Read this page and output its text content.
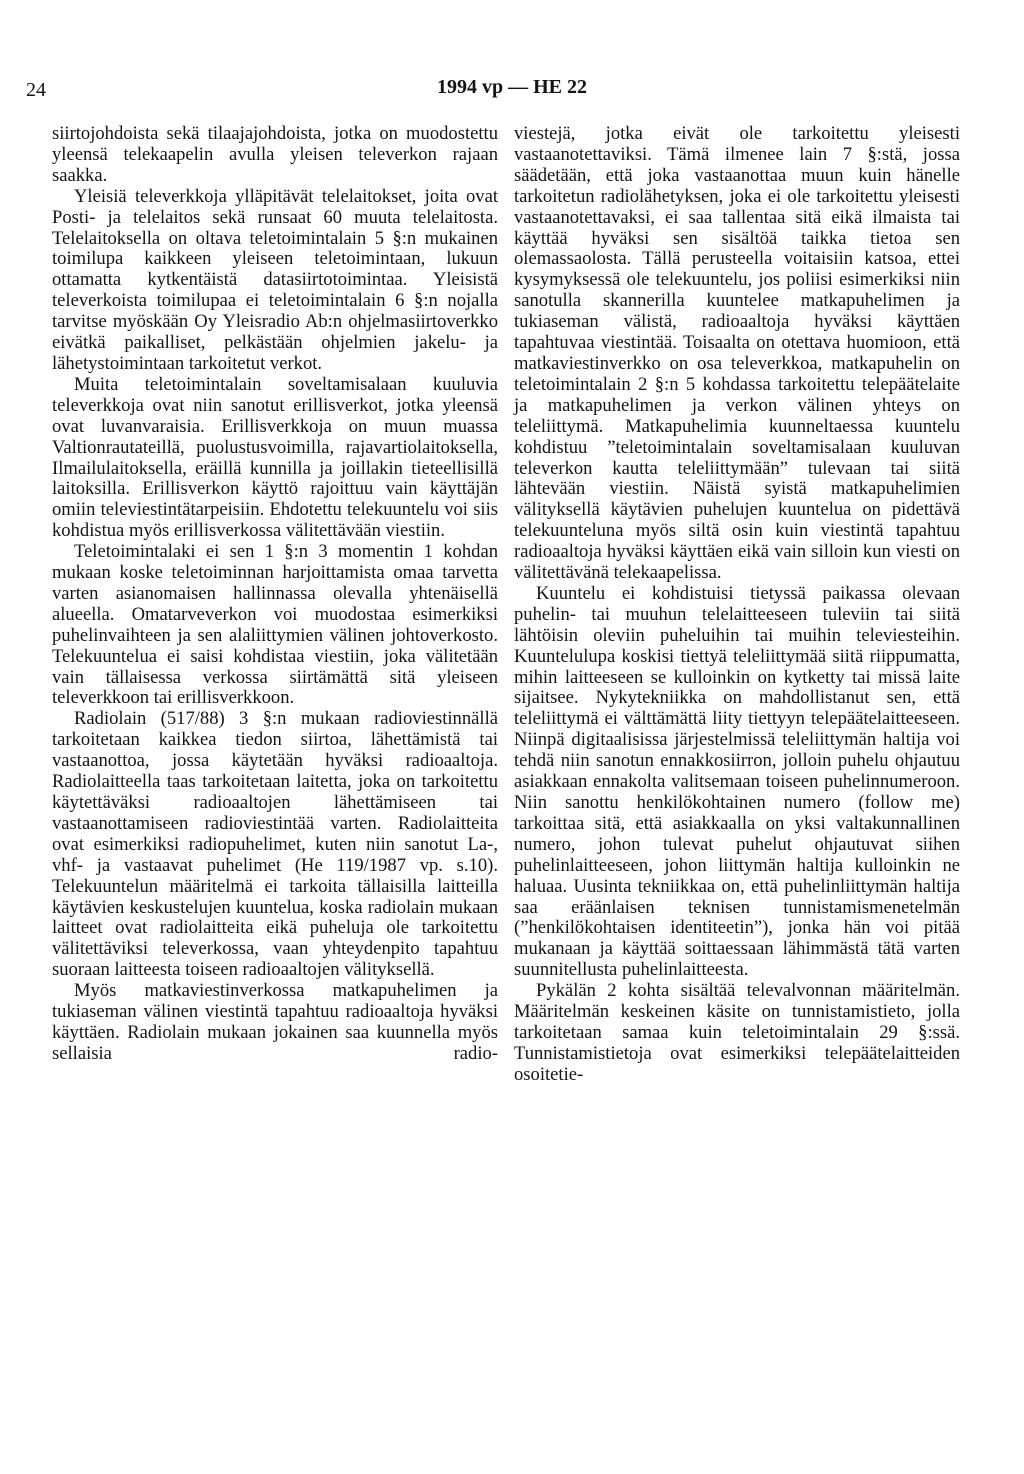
24	1994 vp — HE 22

siirtojohdoista sekä tilaajajohdoista, jotka on muodostettu yleensä telekaapelin avulla yleisen televerkon rajaan saakka.

Yleisiä televerkkoja ylläpitävät telelaitokset, joita ovat Posti- ja telelaitos sekä runsaat 60 muuta telelaitosta. Telelaitoksella on oltava teletoimintalain 5 §:n mukainen toimilupa kaikkeen yleiseen teletoimintaan, lukuun ottamatta kytkentäistä datasiirtotoimintaa. Yleisistä televerkoista toimilupaa ei teletoimintalain 6 §:n nojalla tarvitse myöskään Oy Yleisradio Ab:n ohjelmasiirtoverkko eivätkä paikalliset, pelkästään ohjelmien jakelu- ja lähetystoimintaan tarkoitetut verkot.

Muita teletoimintalain soveltamisalaan kuuluvia televerkkoja ovat niin sanotut erillisverkot, jotka yleensä ovat luvanvaraisia. Erillisverkkoja on muun muassa Valtionrautateillä, puolustusvoimilla, rajavartiolaitoksella, Ilmailulaitoksella, eräillä kunnilla ja joillakin tieteellisillä laitoksilla. Erillisverkon käyttö rajoittuu vain käyttäjän omiin televiestintätarpeisiin. Ehdotettu telekuuntelu voi siis kohdistua myös erillisverkossa välitettävään viestiin.

Teletoimintalaki ei sen 1 §:n 3 momentin 1 kohdan mukaan koske teletoiminnan harjoittamista omaa tarvetta varten asianomaisen hallinnassa olevalla yhtenäisellä alueella. Omatarveverkon voi muodostaa esimerkiksi puhelinvaihteen ja sen alaliittymien välinen johtoverkosto. Telekuuntelua ei saisi kohdistaa viestiin, joka välitetään vain tällaisessa verkossa siirtämättä sitä yleiseen televerkkoon tai erillisverkkoon.

Radiolain (517/88) 3 §:n mukaan radioviestinnällä tarkoitetaan kaikkea tiedon siirtoa, lähettämistä tai vastaanottoa, jossa käytetään hyväksi radioaaltoja. Radiolaitteella taas tarkoitetaan laitetta, joka on tarkoitettu käytettäväksi radioaaltojen lähettämiseen tai vastaanottamiseen radioviestintää varten. Radiolaitteita ovat esimerkiksi radiopuhelimet, kuten niin sanotut La-, vhf- ja vastaavat puhelimet (He 119/1987 vp. s.10). Telekuuntelun määritelmä ei tarkoita tällaisilla laitteilla käytävien keskustelujen kuuntelua, koska radiolain mukaan laitteet ovat radiolaitteita eikä puheluja ole tarkoitettu välitettäviksi televerkossa, vaan yhteydenpito tapahtuu suoraan laitteesta toiseen radioaaltojen välityksellä.

Myös matkaviestinverkossa matkapuhelimen ja tukiaseman välinen viestintä tapahtuu radioaaltoja hyväksi käyttäen. Radiolain mukaan jokainen saa kuunnella myös sellaisia radio-

viestejä, jotka eivät ole tarkoitettu yleisesti vastaanotettaviksi. Tämä ilmenee lain 7 §:stä, jossa säädetään, että joka vastaanottaa muun kuin hänelle tarkoitetun radiolähetyksen, joka ei ole tarkoitettu yleisesti vastaanotettavaksi, ei saa tallentaa sitä eikä ilmaista tai käyttää hyväksi sen sisältöä taikka tietoa sen olemassaolosta. Tällä perusteella voitaisiin katsoa, ettei kysymyksessä ole telekuuntelu, jos poliisi esimerkiksi niin sanotulla skannerilla kuuntelee matkapuhelimen ja tukiaseman välistä, radioaaltoja hyväksi käyttäen tapahtuvaa viestintää. Toisaalta on otettava huomioon, että matkaviestinverkko on osa televerkkoa, matkapuhelin on teletoimintalain 2 §:n 5 kohdassa tarkoitettu telepäätelaite ja matkapuhelimen ja verkon välinen yhteys on teleliittymä. Matkapuhelimia kuunneltaessa kuuntelu kohdistuu ”teletoimintalain soveltamisalaan kuuluvan televerkon kautta teleliittymään” tulevaan tai siitä lähtevään viestiin. Näistä syistä matkapuhelimien välityksellä käytävien puhelujen kuuntelua on pidettävä telekuunteluna myös siltä osin kuin viestintä tapahtuu radioaaltoja hyväksi käyttäen eikä vain silloin kun viesti on välitettävänä telekaapelissa.

Kuuntelu ei kohdistuisi tietyssä paikassa olevaan puhelin- tai muuhun telelaitteeseen tuleviin tai siitä lähtöisin oleviin puheluihin tai muihin televiesteihin. Kuuntelulupa koskisi tiettyä teleliittymää siitä riippumatta, mihin laitteeseen se kulloinkin on kytketty tai missä laite sijaitsee. Nykytekniikka on mahdollistanut sen, että teleliittymä ei välttämättä liity tiettyyn telepäätelaitteeseen. Niinpä digitaalisissa järjestelmissä teleliittymän haltija voi tehdä niin sanotun ennakkosiirron, jolloin puhelu ohjautuu asiakkaan ennakolta valitsemaan toiseen puhelinnumeroon. Niin sanottu henkilökohtainen numero (follow me) tarkoittaa sitä, että asiakkaalla on yksi valtakunnallinen numero, johon tulevat puhelut ohjautuvat siihen puhelinlaitteeseen, johon liittymän haltija kulloinkin ne haluaa. Uusinta tekniikkaa on, että puhelinliittymän haltija saa eräänlaisen teknisen tunnistamismenetelmän (”henkilökohtaisen identiteetin”), jonka hän voi pitää mukanaan ja käyttää soittaessaan lähimmästä tätä varten suunnitellusta puhelinlaitteesta.

Pykälän 2 kohta sisältää televalvonnan määritelmän. Määritelmän keskeinen käsite on tunnistamistieto, jolla tarkoitetaan samaa kuin teletoimintalain 29 §:ssä. Tunnistamistietoja ovat esimerkiksi telepäätelaitteiden osoitetie-
